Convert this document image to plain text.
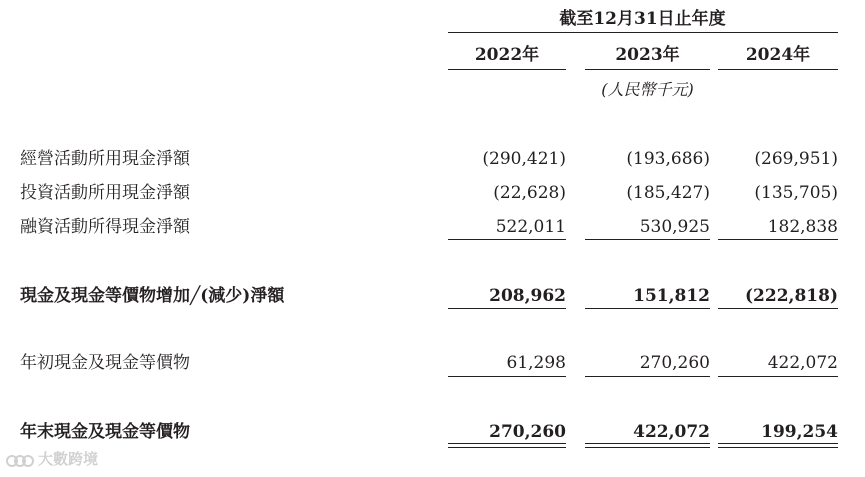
截至12月31日止年度
2022年	2023年	2024年
(人民幣千元)
經營活動所用現金淨額	(290,421)	(193,686)	(269,951)
投資活動所用現金淨額	(22,628)	(185,427)	(135,705)
融資活動所得現金淨額	522,011	530,925	182,838
現金及現金等價物增加╱(減少)淨額	208,962	151,812	(222,818)
年初現金及現金等價物	61,298	270,260	422,072
年末現金及現金等價物	270,260	422,072	199,254
大數跨境
